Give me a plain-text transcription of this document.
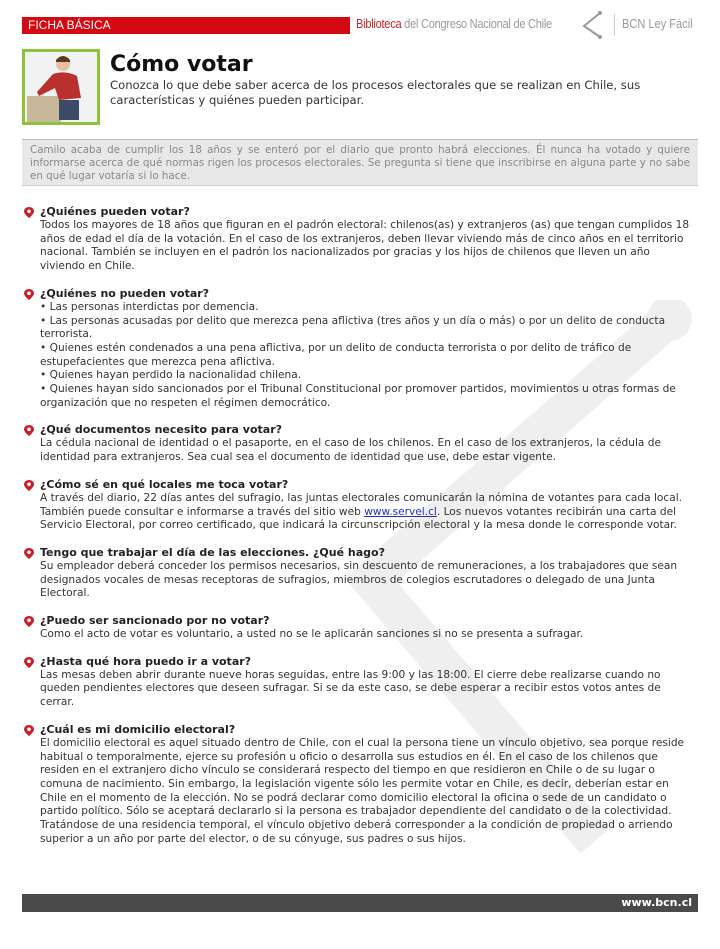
FICHA BÁSICA	Biblioteca del Congreso Nacional de Chile	BCN Ley Fácil
Cómo votar
Conozca lo que debe saber acerca de los procesos electorales que se realizan en Chile, sus características y quiénes pueden participar.
Camilo acaba de cumplir los 18 años y se enteró por el diario que pronto habrá elecciones. Él nunca ha votado y quiere informarse acerca de qué normas rigen los procesos electorales. Se pregunta si tiene que inscribirse en alguna parte y no sabe en qué lugar votaría si lo hace.
¿Quiénes pueden votar?

Todos los mayores de 18 años que figuran en el padrón electoral: chilenos(as) y extranjeros (as) que tengan cumplidos 18 años de edad el día de la votación. En el caso de los extranjeros, deben llevar viviendo más de cinco años en el territorio nacional. También se incluyen en el padrón los nacionalizados por gracias y los hijos de chilenos que lleven un año viviendo en Chile.

¿Quiénes no pueden votar?

• Las personas interdictas por demencia.

• Las personas acusadas por delito que merezca pena aflictiva (tres años y un día o más) o por un delito de conducta terrorista.

• Quienes estén condenados a una pena aflictiva, por un delito de conducta terrorista o por delito de tráfico de estupefacientes que merezca pena aflictiva.

• Quienes hayan perdido la nacionalidad chilena.

• Quienes hayan sido sancionados por el Tribunal Constitucional por promover partidos, movimientos u otras formas de organización que no respeten el régimen democrático.

¿Qué documentos necesito para votar?

La cédula nacional de identidad o el pasaporte, en el caso de los chilenos. En el caso de los extranjeros, la cédula de identidad para extranjeros. Sea cual sea el documento de identidad que use, debe estar vigente.

¿Cómo sé en qué locales me toca votar?

A través del diario, 22 días antes del sufragio, las juntas electorales comunicarán la nómina de votantes para cada local. También puede consultar e informarse a través del sitio web www.servel.cl. Los nuevos votantes recibirán una carta del Servicio Electoral, por correo certificado, que indicará la circunscripción electoral y la mesa donde le corresponde votar.

Tengo que trabajar el día de las elecciones. ¿Qué hago?

Su empleador deberá conceder los permisos necesarios, sin descuento de remuneraciones, a los trabajadores que sean designados vocales de mesas receptoras de sufragios, miembros de colegios escrutadores o delegado de una Junta Electoral.

¿Puedo ser sancionado por no votar?

Como el acto de votar es voluntario, a usted no se le aplicarán sanciones si no se presenta a sufragar.

¿Hasta qué hora puedo ir a votar?

Las mesas deben abrir durante nueve horas seguidas, entre las 9:00 y las 18:00. El cierre debe realizarse cuando no queden pendientes electores que deseen sufragar. Si se da este caso, se debe esperar a recibir estos votos antes de cerrar.

¿Cuál es mi domicilio electoral?

El domicilio electoral es aquel situado dentro de Chile, con el cual la persona tiene un vínculo objetivo, sea porque reside habitual o temporalmente, ejerce su profesión u oficio o desarrolla sus estudios en él. En el caso de los chilenos que residen en el extranjero dicho vínculo se considerará respecto del tiempo en que residieron en Chile o de su lugar o comuna de nacimiento. Sin embargo, la legislación vigente sólo les permite votar en Chile, es decir, deberían estar en Chile en el momento de la elección. No se podrá declarar como domicilio electoral la oficina o sede de un candidato o partido político. Sólo se aceptará declararlo si la persona es trabajador dependiente del candidato o de la colectividad. Tratándose de una residencia temporal, el vínculo objetivo deberá corresponder a la condición de propiedad o arriendo superior a un año por parte del elector, o de su cónyuge, sus padres o sus hijos.

www.bcn.cl
